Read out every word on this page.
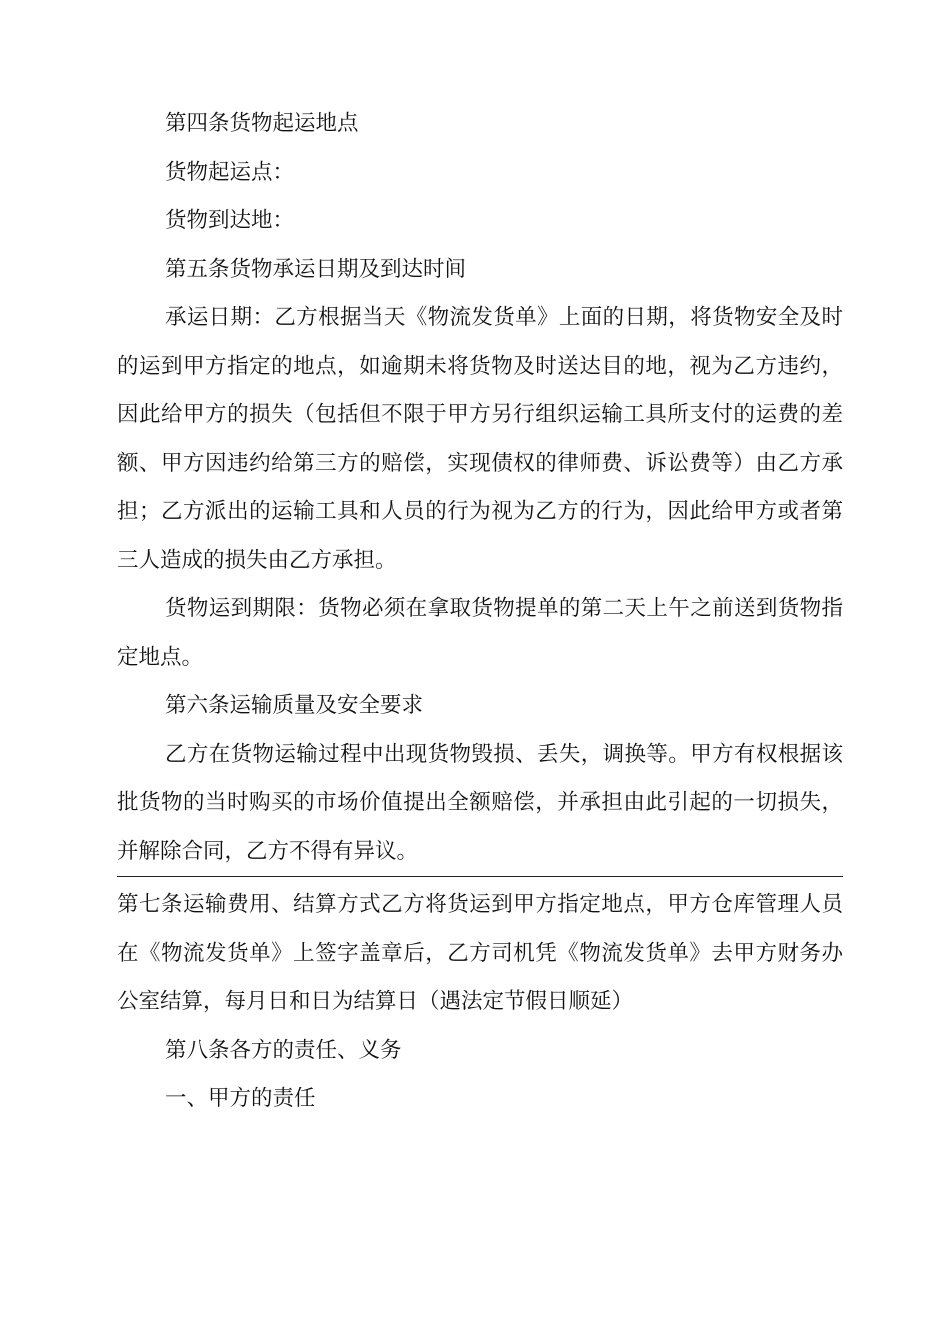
第四条货物起运地点

货物起运点：

货物到达地：

第五条货物承运日期及到达时间

承运日期：乙方根据当天《物流发货单》上面的日期，将货物安全及时的运到甲方指定的地点，如逾期未将货物及时送达目的地，视为乙方违约，因此给甲方的损失（包括但不限于甲方另行组织运输工具所支付的运费的差额、甲方因违约给第三方的赔偿，实现债权的律师费、诉讼费等）由乙方承担；乙方派出的运输工具和人员的行为视为乙方的行为，因此给甲方或者第三人造成的损失由乙方承担。

货物运到期限：货物必须在拿取货物提单的第二天上午之前送到货物指定地点。

第六条运输质量及安全要求

乙方在货物运输过程中出现货物毁损、丢失，调换等。甲方有权根据该批货物的当时购买的市场价值提出全额赔偿，并承担由此引起的一切损失，并解除合同，乙方不得有异议。

第七条运输费用、结算方式乙方将货运到甲方指定地点，甲方仓库管理人员在《物流发货单》上签字盖章后，乙方司机凭《物流发货单》去甲方财务办公室结算，每月日和日为结算日（遇法定节假日顺延）

第八条各方的责任、义务

一、甲方的责任
